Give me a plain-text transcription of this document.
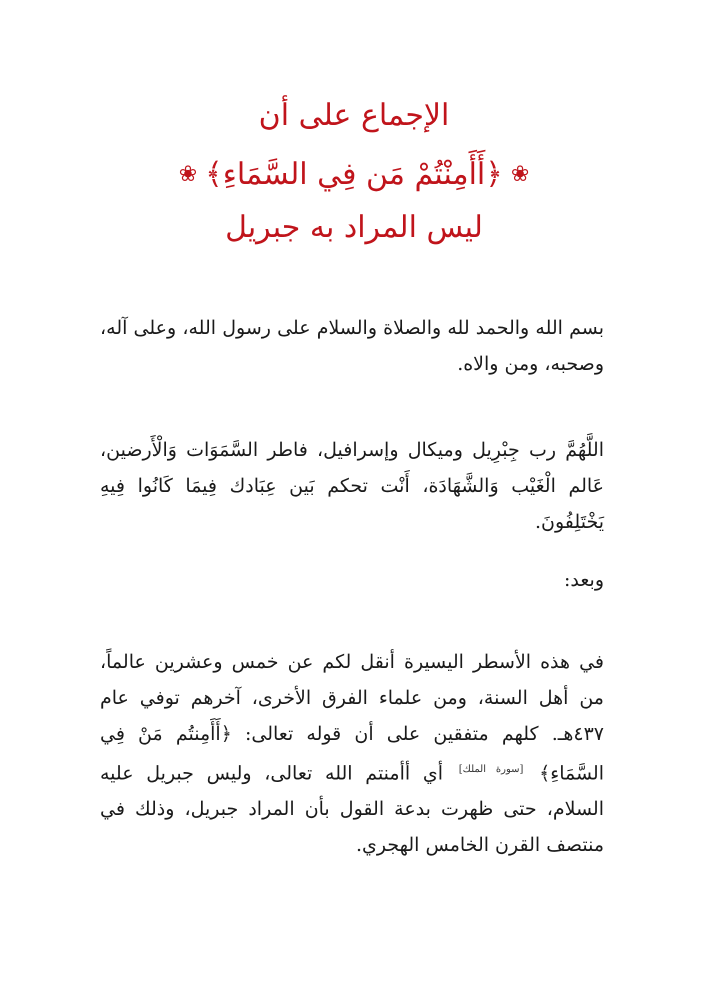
الإجماع على أن
❀
﴿أَأَمِنْتُمْ مَن فِي السَّمَاءِ﴾
❀
ليس المراد به جبريل
بسم الله والحمد لله والصلاة والسلام على رسول الله، وعلى آله، وصحبه، ومن والاه.
اللَّهُمَّ رب جِبْرِيل وميكال وإسرافيل، فاطر السَّمَوَات وَالْأَرضين، عَالم الْغَيْب وَالشَّهَادَة، أَنْت تحكم بَين عِبَادك فِيمَا كَانُوا فِيهِ يَخْتَلِفُونَ.
وبعد:
في هذه الأسطر اليسيرة أنقل لكم عن خمس وعشرين عالماً، من أهل السنة، ومن علماء الفرق الأخرى، آخرهم توفي عام ٤٣٧هـ. كلهم متفقين على أن قوله تعالى: ﴿أَأَمِنتُم مَنْ فِي السَّمَاءِ﴾ [سورة الملك] أي أأمنتم الله تعالى، وليس جبريل عليه السلام، حتى ظهرت بدعة القول بأن المراد جبريل، وذلك في منتصف القرن الخامس الهجري.
